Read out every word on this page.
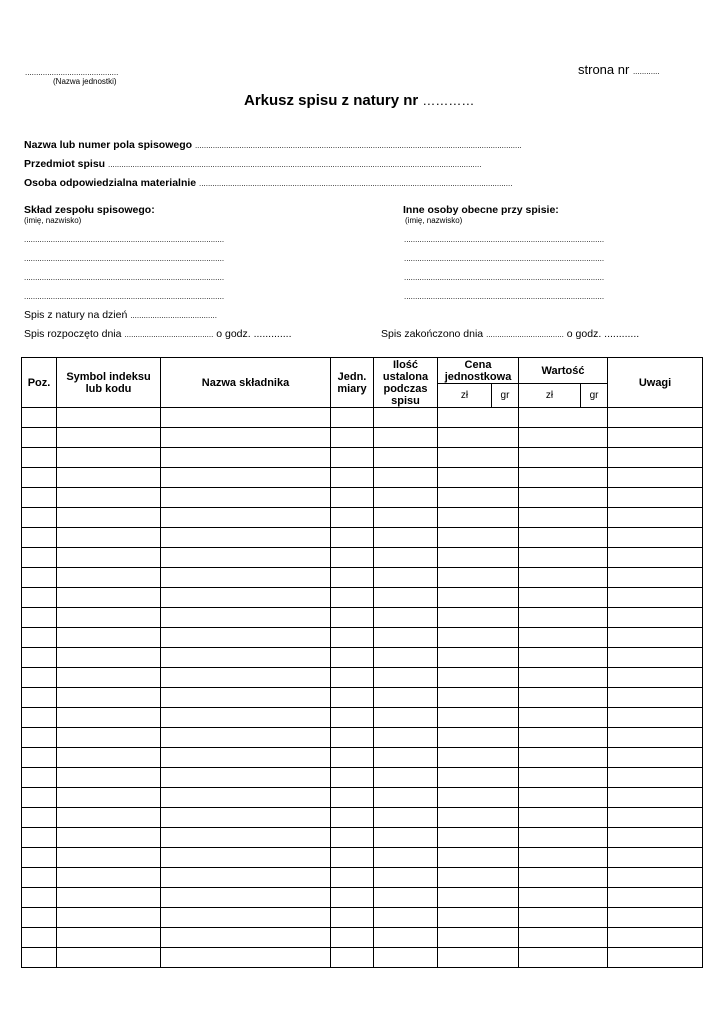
..........................................
(Nazwa jednostki)
strona nr ............
Arkusz spisu z natury nr …………
Nazwa lub numer pola spisowego ...................................................................................................................................................
Przedmiot spisu ........................................................................................................................................................................
Osoba odpowiedzialna materialnie .............................................................................................................................................
Skład zespołu spisowego:
(imię, nazwisko)
Inne osoby obecne przy spisie:
(imię, nazwisko)
..........................................................................................
..........................................................................................
..........................................................................................
..........................................................................................
..........................................................................................
..........................................................................................
..........................................................................................
..........................................................................................
Spis z natury na dzień .......................................
Spis rozpoczęto dnia ........................................ o godz. .............	Spis zakończono dnia ................................... o godz. ............
Poz.	Symbol indeksu lub kodu	Nazwa składnika	Jedn. miary	Ilość ustalona podczas spisu	Cena jednostkowa		Wartość		Uwagi
					zł	gr	zł	gr	
